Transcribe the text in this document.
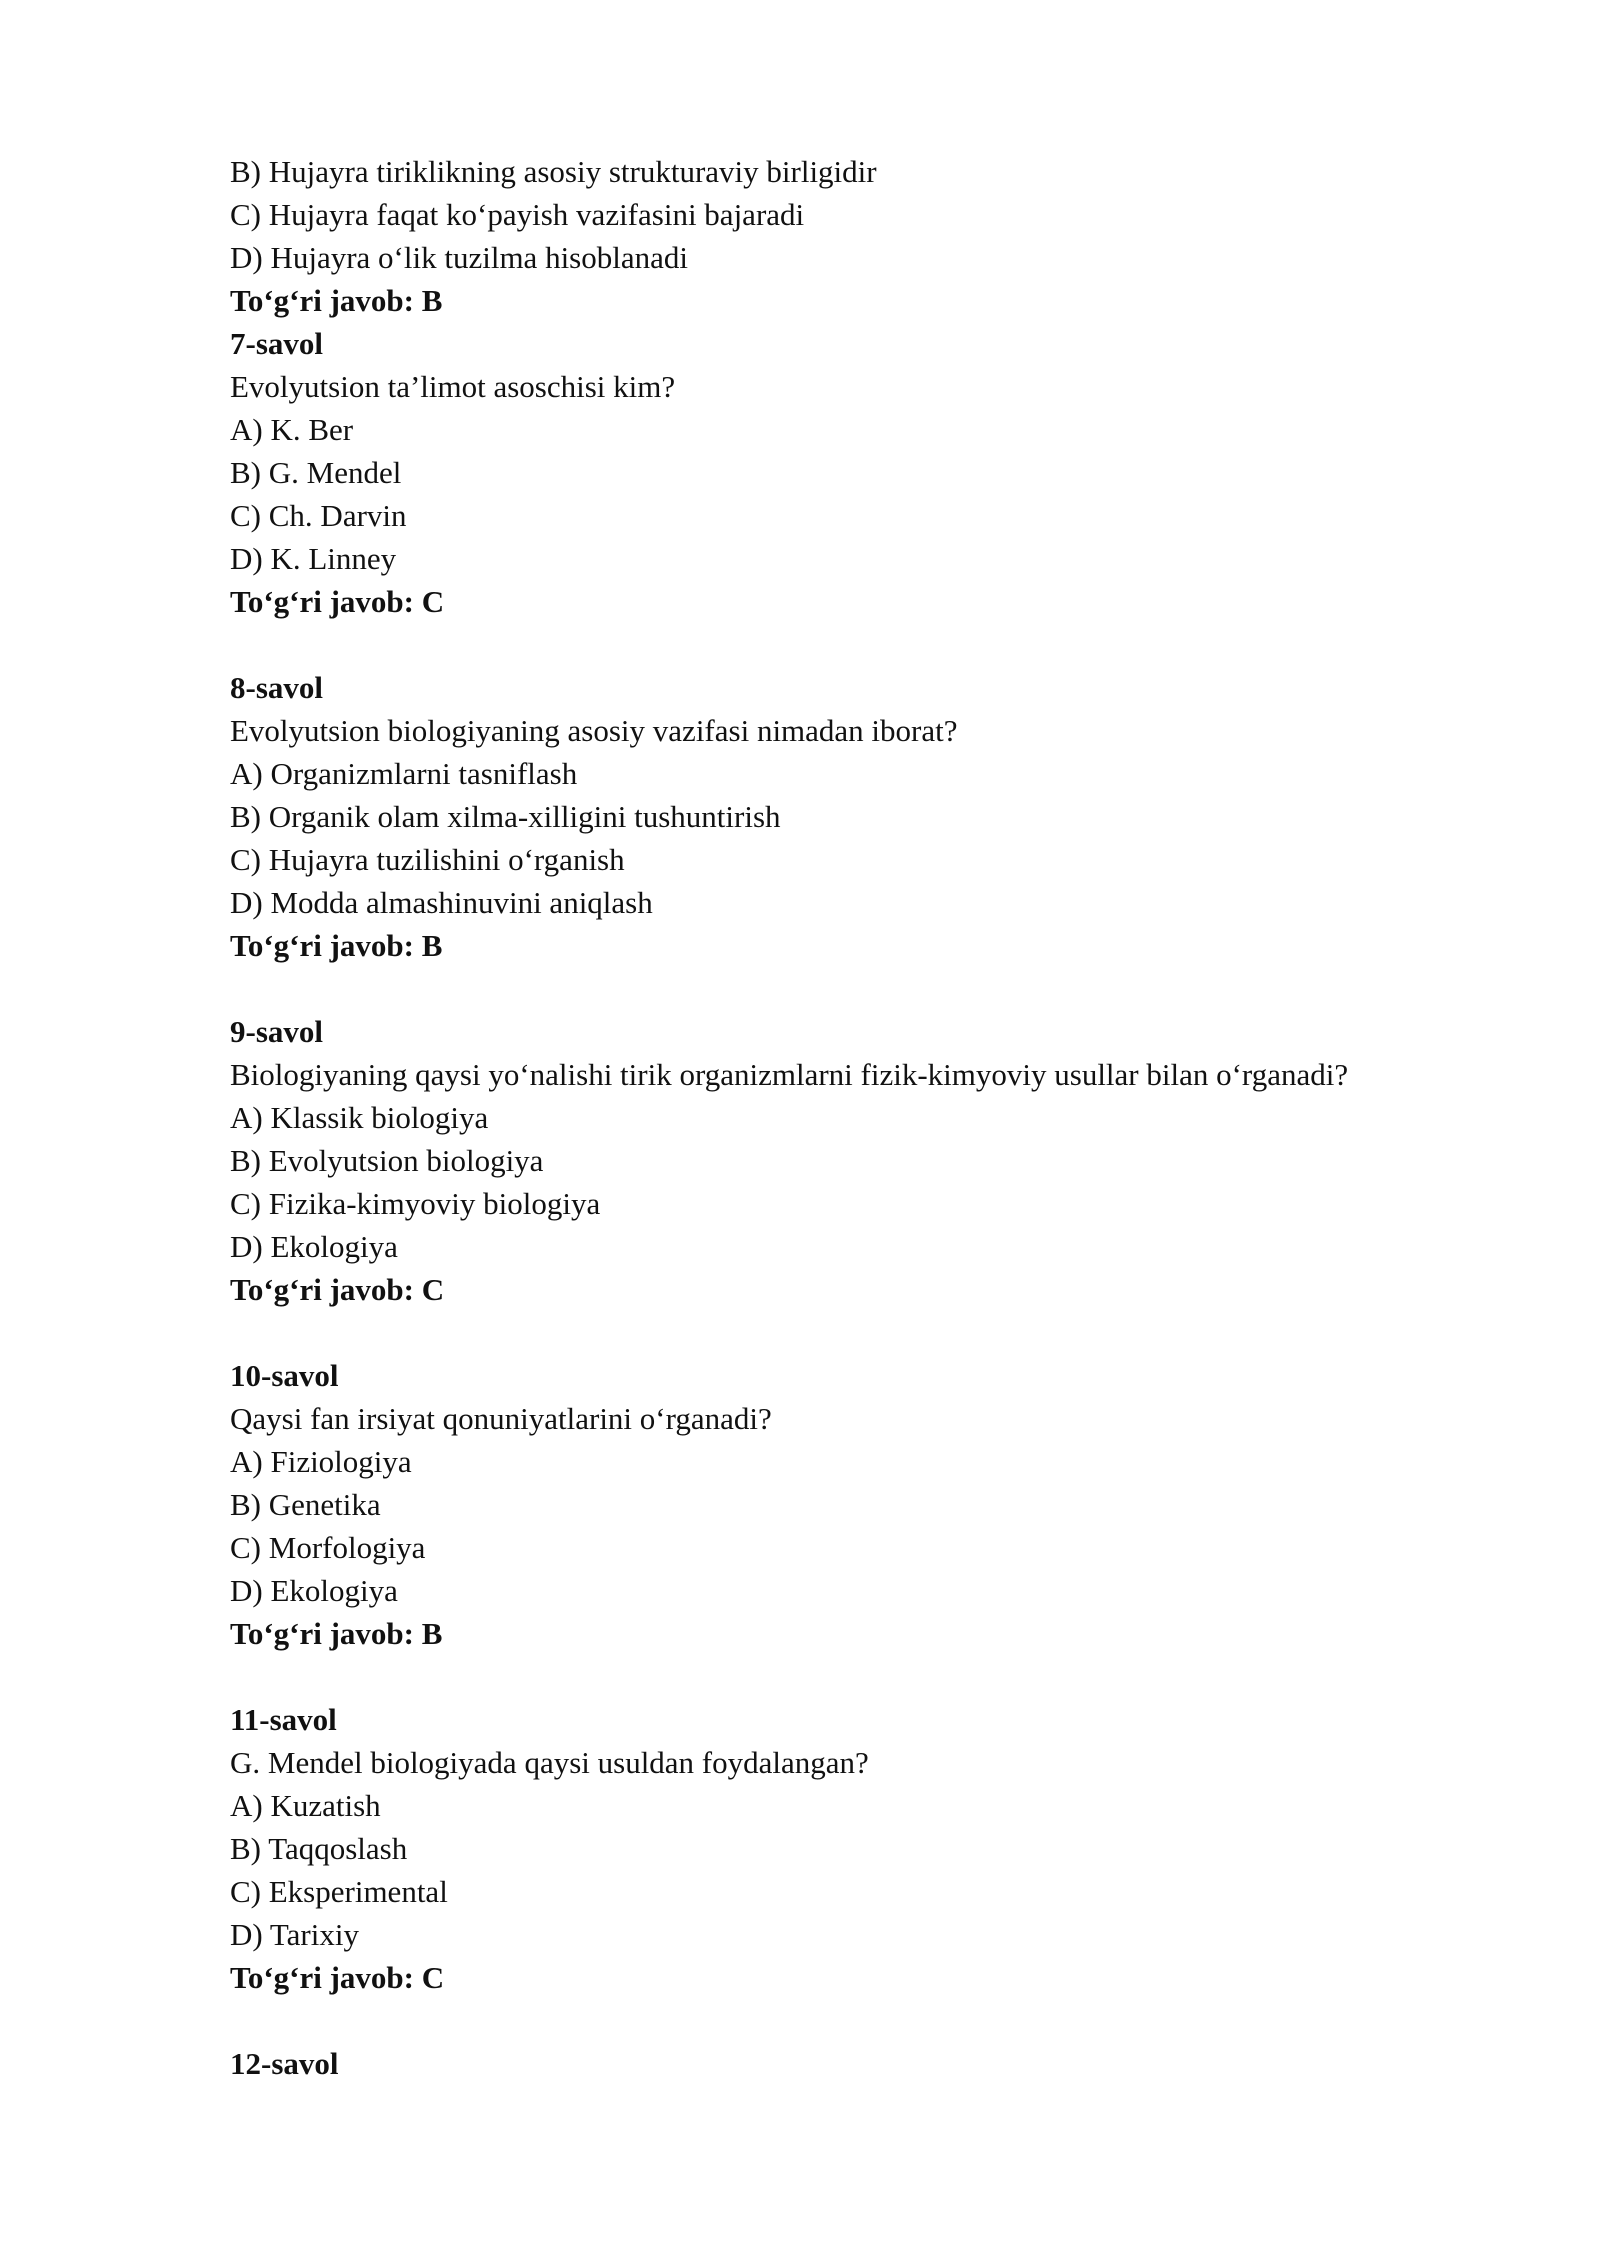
B) Hujayra tiriklikning asosiy strukturaviy birligidir
C) Hujayra faqat ko‘payish vazifasini bajaradi
D) Hujayra o‘lik tuzilma hisoblanadi
To‘g‘ri javob: B
7-savol
Evolyutsion ta’limot asoschisi kim?
A) K. Ber
B) G. Mendel
C) Ch. Darvin
D) K. Linney
To‘g‘ri javob: C
8-savol
Evolyutsion biologiyaning asosiy vazifasi nimadan iborat?
A) Organizmlarni tasniflash
B) Organik olam xilma-xilligini tushuntirish
C) Hujayra tuzilishini o‘rganish
D) Modda almashinuvini aniqlash
To‘g‘ri javob: B
9-savol
Biologiyaning qaysi yo‘nalishi tirik organizmlarni fizik-kimyoviy usullar bilan o‘rganadi?
A) Klassik biologiya
B) Evolyutsion biologiya
C) Fizika-kimyoviy biologiya
D) Ekologiya
To‘g‘ri javob: C
10-savol
Qaysi fan irsiyat qonuniyatlarini o‘rganadi?
A) Fiziologiya
B) Genetika
C) Morfologiya
D) Ekologiya
To‘g‘ri javob: B
11-savol
G. Mendel biologiyada qaysi usuldan foydalangan?
A) Kuzatish
B) Taqqoslash
C) Eksperimental
D) Tarixiy
To‘g‘ri javob: C
12-savol
